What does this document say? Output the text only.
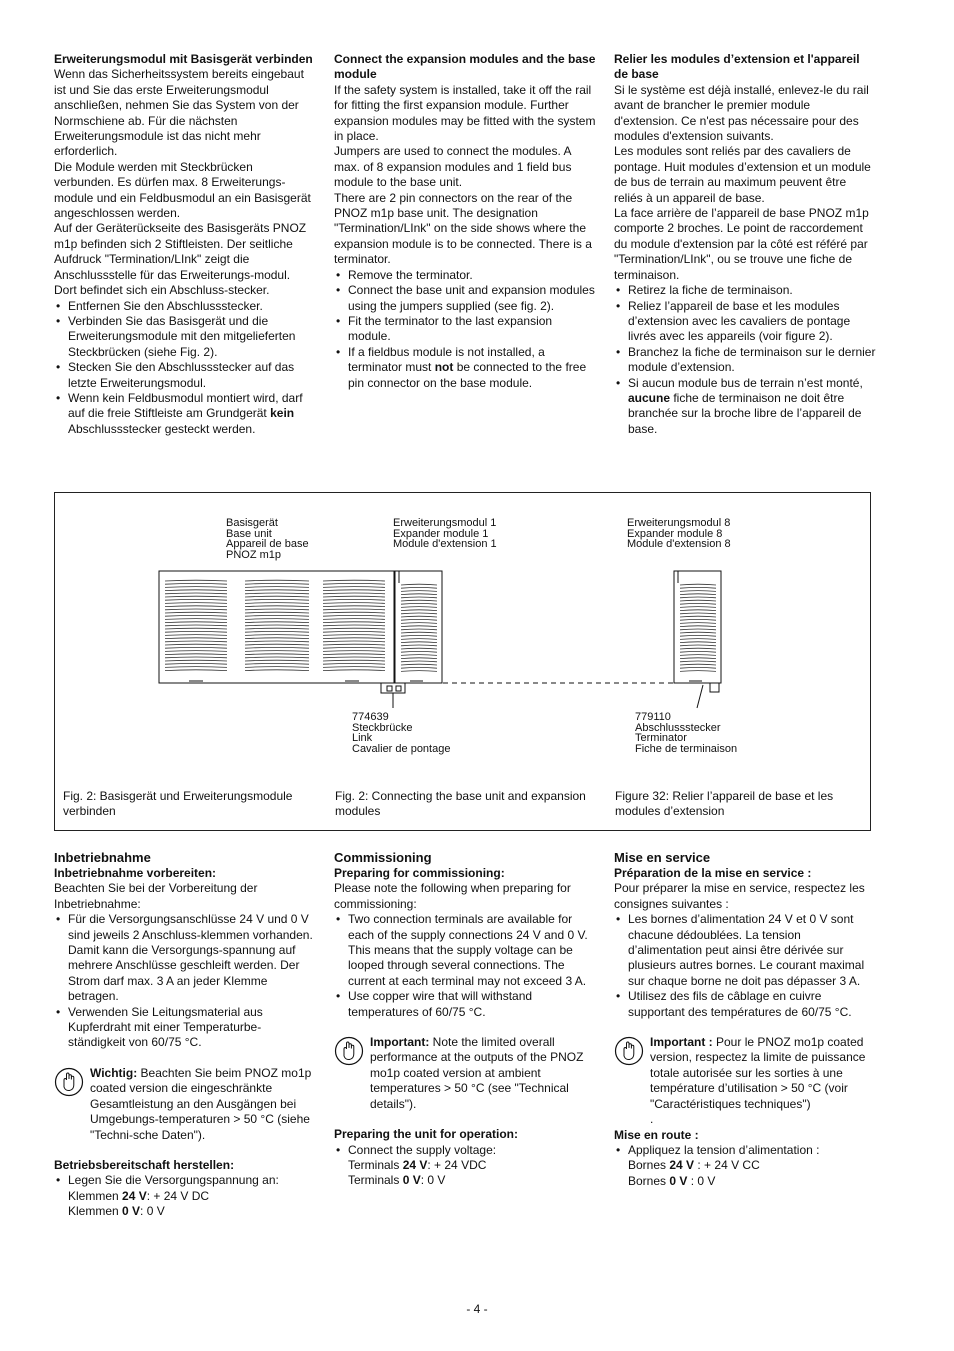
Erweiterungsmodul mit Basisgerät verbinden

Wenn das Sicherheitssystem bereits eingebaut ist und Sie das erste Erweiterungsmodul anschließen, nehmen Sie das System von der Normschiene ab. Für die nächsten Erweiterungsmodule ist das nicht mehr erforderlich.

Die Module werden mit Steckbrücken verbunden. Es dürfen max. 8 Erweiterungs-module und ein Feldbusmodul an ein Basisgerät angeschlossen werden.

Auf der Geräterückseite des Basisgeräts PNOZ m1p befinden sich 2 Stiftleisten. Der seitliche Aufdruck "Termination/LInk" zeigt die Anschlussstelle für das Erweiterungs-modul. Dort befindet sich ein Abschluss-stecker.

• Entfernen Sie den Abschlussstecker.
• Verbinden Sie das Basisgerät und die Erweiterungsmodule mit den mitgelieferten Steckbrücken (siehe Fig. 2).
• Stecken Sie den Abschlussstecker auf das letzte Erweiterungsmodul.
• Wenn kein Feldbusmodul montiert wird, darf auf die freie Stiftleiste am Grundgerät kein Abschlussstecker gesteckt werden.

Connect the expansion modules and the base module

If the safety system is installed, take it off the rail for fitting the first expansion module. Further expansion modules may be fitted with the system in place.

Jumpers are used to connect the modules. A max. of 8 expansion modules and 1 field bus module to the base unit.

There are 2 pin connectors on the rear of the PNOZ m1p base unit. The designation "Termination/LInk" on the side shows where the expansion module is to be connected. There is a terminator.

• Remove the terminator.
• Connect the base unit and expansion modules using the jumpers supplied (see fig. 2).
• Fit the terminator to the last expansion module.
• If a fieldbus module is not installed, a terminator must not be connected to the free pin connector on the base module.

Relier les modules d’extension et l'appareil de base

Si le système est déjà installé, enlevez-le du rail avant de brancher le premier module d'extension. Ce n'est pas nécessaire pour des modules d'extension suivants.

Les modules sont reliés par des cavaliers de pontage. Huit modules d’extension et un module de bus de terrain au maximum peuvent être reliés à un appareil de base.

La face arrière de l’appareil de base PNOZ m1p comporte 2 broches. Le point de raccordement du module d'extension par la côté est référé par "Termination/LInk", ou se trouve une fiche de terminaison.

• Retirez la fiche de terminaison.
• Reliez l’appareil de base et les modules d’extension avec les cavaliers de pontage livrés avec les appareils (voir figure 2).
• Branchez la fiche de terminaison sur le dernier module d’extension.
• Si aucun module bus de terrain n’est monté, aucune fiche de terminaison ne doit être branchée sur la broche libre de l’appareil de base.
Basisgerät
Base unit
Appareil de base
PNOZ m1p
Erweiterungsmodul 1
Expander module 1
Module d'extension 1
Erweiterungsmodul 8
Expander module 8
Module d'extension 8
774639
Steckbrücke
Link
Cavalier de pontage
779110
Abschlussstecker
Terminator
Fiche de terminaison
Fig. 2: Basisgerät und Erweiterungsmodule verbinden
Fig. 2: Connecting the base unit and expansion modules
Figure 32: Relier l’appareil de base et les modules d’extension
Inbetriebnahme

Inbetriebnahme vorbereiten:

Beachten Sie bei der Vorbereitung der Inbetriebnahme:

• Für die Versorgungsanschlüsse 24 V und 0 V sind jeweils 2 Anschluss-klemmen vorhanden. Damit kann die Versorgungs-spannung auf mehrere Anschlüsse geschleift werden. Der Strom darf max. 3 A an jeder Klemme betragen.
• Verwenden Sie Leitungsmaterial aus Kupferdraht mit einer Temperaturbe-ständigkeit von 60/75 °C.
Wichtig: Beachten Sie beim PNOZ mo1p coated version die eingeschränkte Gesamtleistung an den Ausgängen bei Umgebungs-temperaturen > 50 °C (siehe "Techni-sche Daten").

Betriebsbereitschaft herstellen:

• Legen Sie die Versorgungspannung an:
Klemmen 24 V: + 24 V DC
Klemmen 0 V: 0 V
Commissioning

Preparing for commissioning:

Please note the following when preparing for commissioning:

• Two connection terminals are available for each of the supply connections 24 V and 0 V. This means that the supply voltage can be looped through several connections. The current at each terminal may not exceed 3 A.
• Use copper wire that will withstand temperatures of 60/75 °C.
Important: Note the limited overall performance at the outputs of the PNOZ mo1p coated version at ambient temperatures > 50 °C (see "Technical details").

Preparing the unit for operation:

• Connect the supply voltage:
Terminals 24 V: + 24 VDC
Terminals 0 V: 0 V
Mise en service

Préparation de la mise en service :

Pour préparer la mise en service, respectez les consignes suivantes :

• Les bornes d’alimentation 24 V et 0 V sont chacune dédoublées. La tension d’alimentation peut ainsi être dérivée sur plusieurs autres bornes. Le courant maximal sur chaque borne ne doit pas dépasser 3 A.
• Utilisez des fils de câblage en cuivre supportant des températures de 60/75 °C.
Important : Pour le PNOZ mo1p coated version, respectez la limite de puissance totale autorisée sur les sorties à une température d’utilisation > 50 °C (voir "Caractéristiques techniques")
.

Mise en route :

• Appliquez la tension d’alimentation :
Bornes 24 V : + 24 V CC
Bornes 0 V : 0 V
- 4 -
